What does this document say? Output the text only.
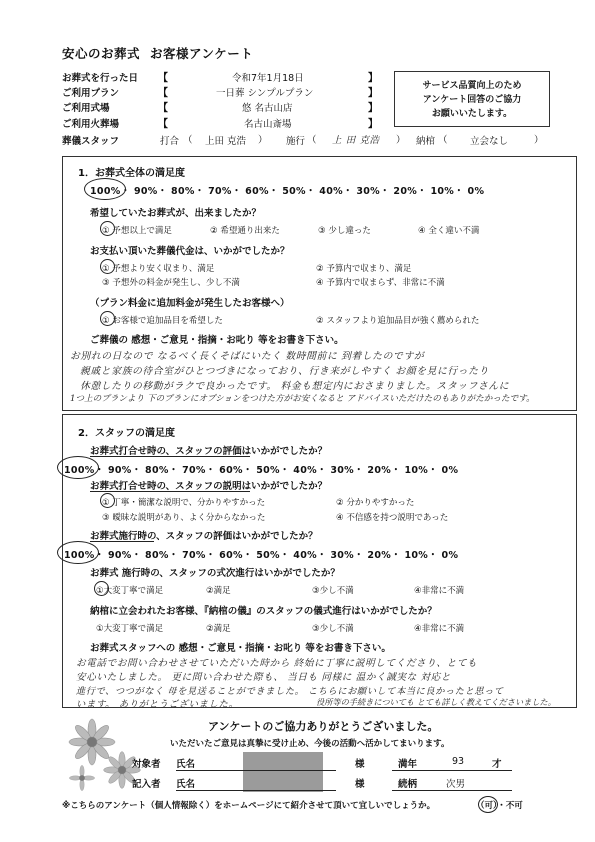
安心のお葬式 お客様アンケート
サービス品質向上のため
アンケート回答のご協力
お願いいたします。
お葬式を行った日 【	令和7年1月18日	】
ご利用プラン	【	一日葬 シンプルプラン	】
ご利用式場	【	悠 名古山店	】
ご利用火葬場	【	名古山斎場	】
葬儀スタッフ	打合 （ 上田 克浩 ） 施行 （ 上 田 克浩 ） 納棺 （ 立会なし	）
1．お葬式全体の満足度
100%・ 90%・ 80%・ 70%・ 60%・ 50%・ 40%・ 30%・ 20%・ 10%・ 0%
希望していたお葬式が、出来ましたか？
① 予想以上で満足	② 希望通り出来た	③ 少し違った	④ 全く違い不満
お支払い頂いた葬儀代金は、いかがでしたか？
① 予想より安く収まり、満足	② 予算内で収まり、満足
③ 予想外の料金が発生し、少し不満	④ 予算内で収まらず、非常に不満
（プラン料金に追加料金が発生したお客様へ）
① お客様で追加品目を希望した	② スタッフより追加品目が強く薦められた
ご葬儀の 感想・ご意見・指摘・お叱り 等をお書き下さい。
お別れの日なので なるべく長くそばにいたく 数時間前に 到着したのですが
親戚と家族の待合室がひとつづきになっており、行き来がしやすく お顔を見に行ったり
休憩したりの移動がラクで良かったです。 料金も想定内におさまりました。スタッフさんに
1つ上のプランより 下のプランにオプションをつけた方がお安くなると アドバイスいただけたのもありがたかったです。
2．スタッフの満足度
お葬式打合せ時の、スタッフの評価はいかがでしたか？
100%・ 90%・ 80%・ 70%・ 60%・ 50%・ 40%・ 30%・ 20%・ 10%・ 0%
お葬式打合せ時の、スタッフの説明はいかがでしたか？
① 丁寧・簡潔な説明で、分かりやすかった	② 分かりやすかった
③ 曖昧な説明があり、よく分からなかった	④ 不信感を持つ説明であった
お葬式施行時の、スタッフの評価はいかがでしたか？
100%・ 90%・ 80%・ 70%・ 60%・ 50%・ 40%・ 30%・ 20%・ 10%・ 0%
お葬式 施行時の、スタッフの式次進行はいかがでしたか？
①大変丁寧で満足	②満足	③少し不満	④非常に不満
納棺に立会われたお客様、『納棺の儀』のスタッフの儀式進行はいかがでしたか？
①大変丁寧で満足	②満足	③少し不満	④非常に不満
お葬式スタッフへの 感想・ご意見・指摘・お叱り 等をお書き下さい。
お電話でお問い合わせさせていただいた時から 終始に丁寧に説明してくださり、とても
安心いたしました。 更に問い合わせた際も、 当日も 同様に 温かく誠実な 対応と
進行で、つつがなく 母を見送ることができました。 こちらにお願いして本当に良かったと思って
います。 ありがとうございました。	役所等の手続きについても とても詳しく教えてくださいました。
アンケートのご協力ありがとうございました。
いただいたご意見は真摯に受け止め、今後の活動へ活かしてまいります。
対象者 氏名	様	満年	93	才
記入者 氏名	様	続柄	次男
※こちらのアンケート（個人情報除く）をホームページにて紹介させて頂いて宜しいでしょうか。	（可）・不可
